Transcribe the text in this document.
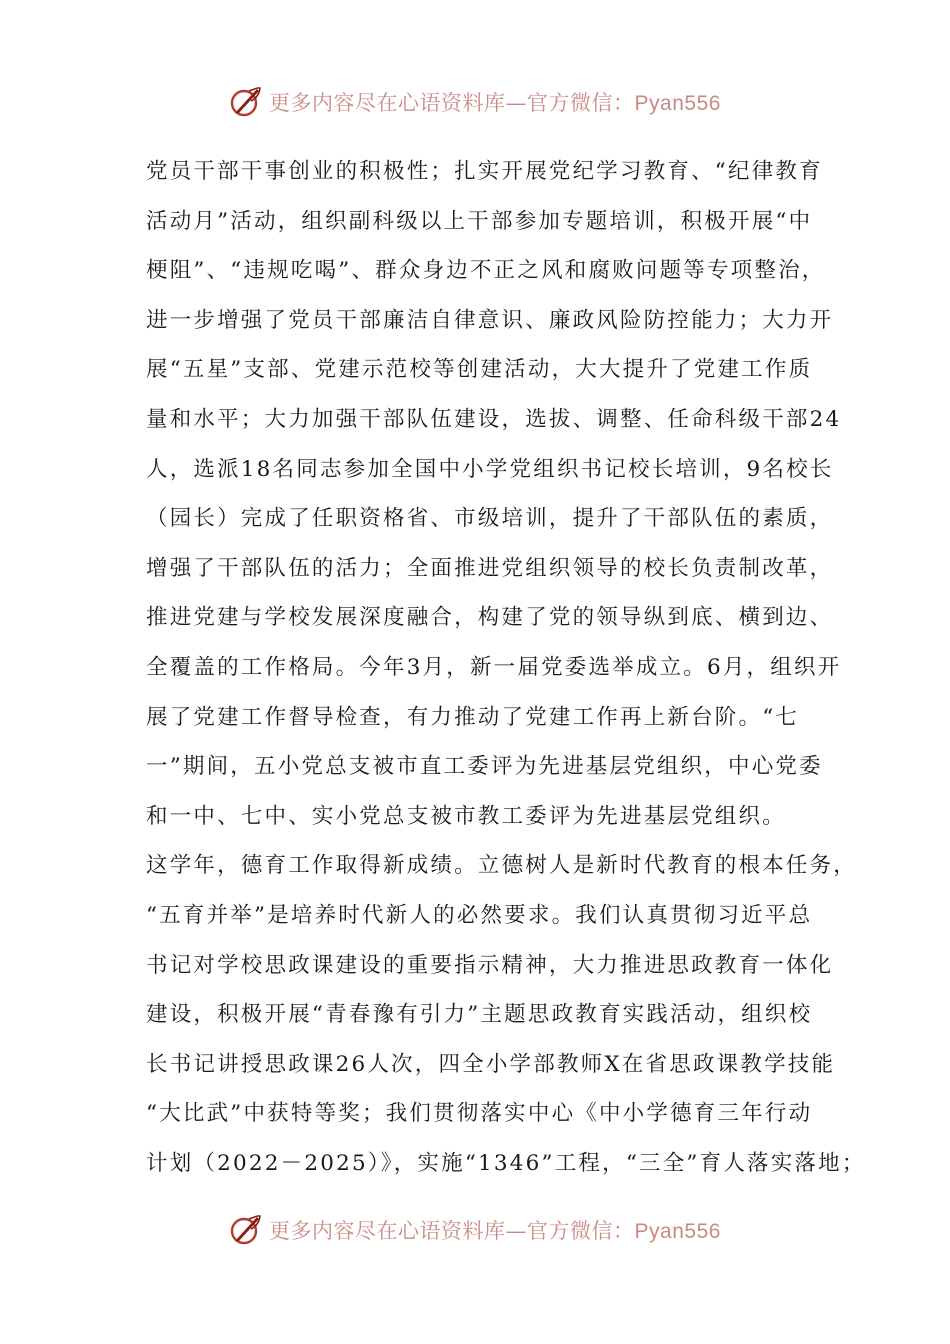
更多内容尽在心语资料库—官方微信：Pyan556
党员干部干事创业的积极性；扎实开展党纪学习教育、“纪律教育
活动月”活动，组织副科级以上干部参加专题培训，积极开展“中
梗阻”、“违规吃喝”、群众身边不正之风和腐败问题等专项整治，
进一步增强了党员干部廉洁自律意识、廉政风险防控能力；大力开
展“五星”支部、党建示范校等创建活动，大大提升了党建工作质
量和水平；大力加强干部队伍建设，选拔、调整、任命科级干部24
人，选派18名同志参加全国中小学党组织书记校长培训，9名校长
（园长）完成了任职资格省、市级培训，提升了干部队伍的素质，
增强了干部队伍的活力；全面推进党组织领导的校长负责制改革，
推进党建与学校发展深度融合，构建了党的领导纵到底、横到边、
全覆盖的工作格局。今年3月，新一届党委选举成立。6月，组织开
展了党建工作督导检查，有力推动了党建工作再上新台阶。“七
一”期间，五小党总支被市直工委评为先进基层党组织，中心党委
和一中、七中、实小党总支被市教工委评为先进基层党组织。
这学年，德育工作取得新成绩。立德树人是新时代教育的根本任务，
“五育并举”是培养时代新人的必然要求。我们认真贯彻习近平总
书记对学校思政课建设的重要指示精神，大力推进思政教育一体化
建设，积极开展“青春豫有引力”主题思政教育实践活动，组织校
长书记讲授思政课26人次，四全小学部教师X在省思政课教学技能
“大比武”中获特等奖；我们贯彻落实中心《中小学德育三年行动
计划（2022－2025）》，实施“1346”工程，“三全”育人落实落地；
更多内容尽在心语资料库—官方微信：Pyan556
